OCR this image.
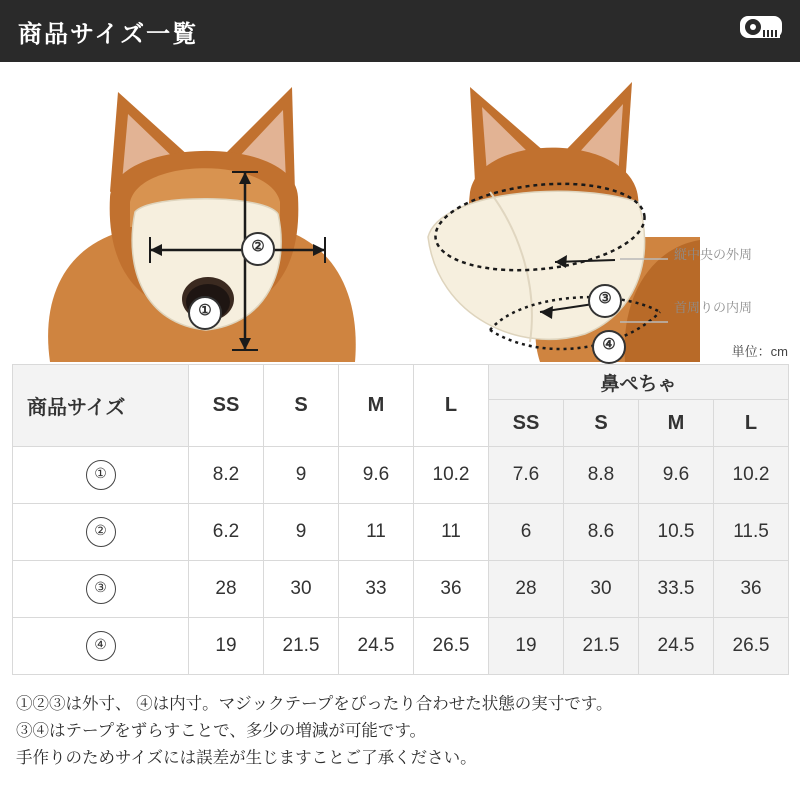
商品サイズ一覧
①
②
③
④
縦中央の外周
首周りの内周
単位：cm
商品サイズ	SS	S	M	L	鼻ぺちゃ			
					SS	S	M	L
①	8.2	9	9.6	10.2	7.6	8.8	9.6	10.2
②	6.2	9	11	11	6	8.6	10.5	11.5
③	28	30	33	36	28	30	33.5	36
④	19	21.5	24.5	26.5	19	21.5	24.5	26.5
①②③は外寸、 ④は内寸。マジックテープをぴったり合わせた状態の実寸です。
③④はテープをずらすことで、多少の増減が可能です。
手作りのためサイズには誤差が生じますことご了承ください。
